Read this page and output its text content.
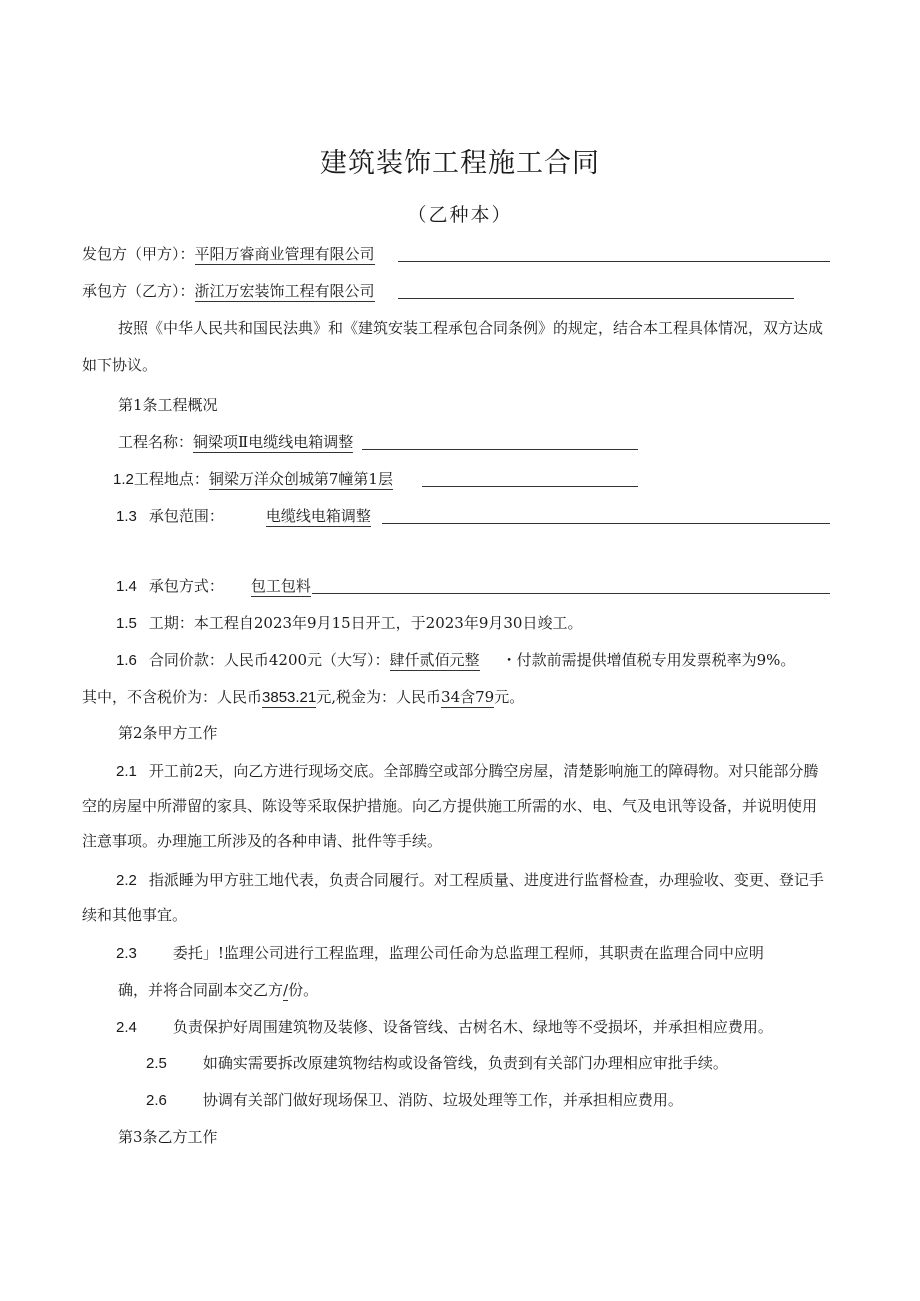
建筑装饰工程施工合同
（乙种本）
发包方（甲方）：平阳万睿商业管理有限公司
承包方（乙方）：浙江万宏装饰工程有限公司
按照《中华人民共和国民法典》和《建筑安装工程承包合同条例》的规定，结合本工程具体情况，双方达成
如下协议。
第1条工程概况
工程名称：铜梁项Ⅱ电缆线电箱调整
1.2工程地点：铜梁万洋众创城第7幢第1层
1.3 承包范围：	电缆线电箱调整
1.4 承包方式： 包工包料
1.5 工期：本工程自2023年9月15日开工，于2023年9月30日竣工。
1.6 合同价款：人民币4200元（大写）：肆仟贰佰元整 ・付款前需提供增值税专用发票税率为9%。
其中，不含税价为：人民币3853.21元,税金为：人民币34含79元。
第2条甲方工作
2.1 开工前2天，向乙方进行现场交底。全部腾空或部分腾空房屋，清楚影响施工的障碍物。对只能部分腾
空的房屋中所滞留的家具、陈设等采取保护措施。向乙方提供施工所需的水、电、气及电讯等设备，并说明使用
注意事项。办理施工所涉及的各种申请、批件等手续。
2.2 指派睡为甲方驻工地代表，负责合同履行。对工程质量、进度进行监督检查，办理验收、变更、登记手
续和其他事宜。
2.3 委托」!监理公司进行工程监理，监理公司任命为总监理工程师，其职责在监理合同中应明
确，并将合同副本交乙方/份。
2.4 负责保护好周围建筑物及装修、设备管线、古树名木、绿地等不受损坏，并承担相应费用。
2.5 如确实需要拆改原建筑物结构或设备管线，负责到有关部门办理相应审批手续。
2.6 协调有关部门做好现场保卫、消防、垃圾处理等工作，并承担相应费用。
第3条乙方工作
